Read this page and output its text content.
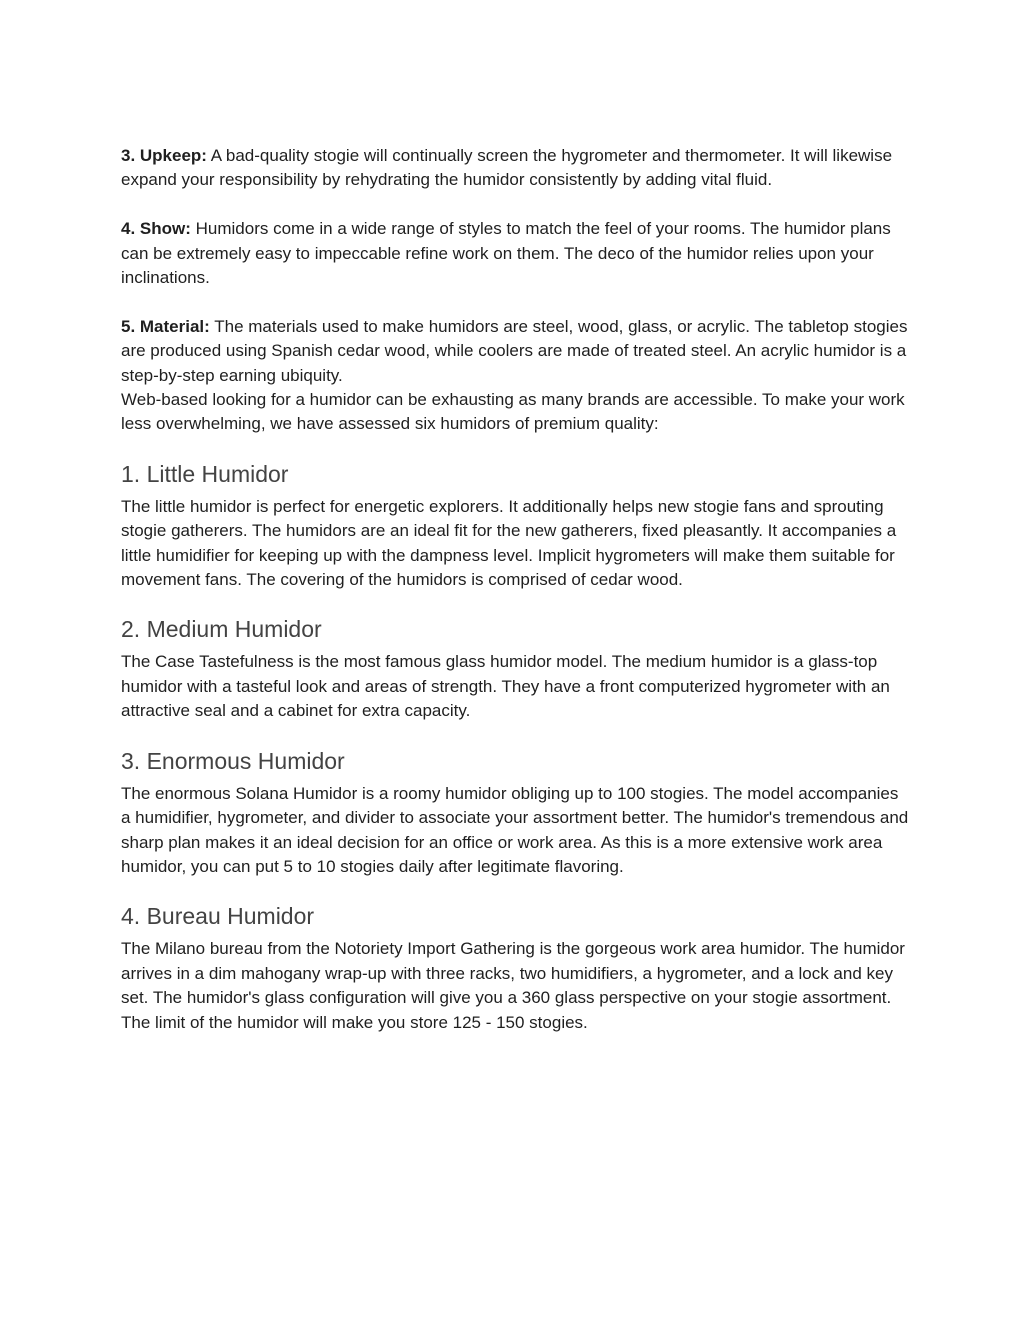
3. Upkeep: A bad-quality stogie will continually screen the hygrometer and thermometer. It will likewise expand your responsibility by rehydrating the humidor consistently by adding vital fluid.

4. Show: Humidors come in a wide range of styles to match the feel of your rooms. The humidor plans can be extremely easy to impeccable refine work on them. The deco of the humidor relies upon your inclinations.

5. Material: The materials used to make humidors are steel, wood, glass, or acrylic. The tabletop stogies are produced using Spanish cedar wood, while coolers are made of treated steel. An acrylic humidor is a step-by-step earning ubiquity.

Web-based looking for a humidor can be exhausting as many brands are accessible. To make your work less overwhelming, we have assessed six humidors of premium quality:

1. Little Humidor

The little humidor is perfect for energetic explorers. It additionally helps new stogie fans and sprouting stogie gatherers. The humidors are an ideal fit for the new gatherers, fixed pleasantly. It accompanies a little humidifier for keeping up with the dampness level. Implicit hygrometers will make them suitable for movement fans. The covering of the humidors is comprised of cedar wood.

2. Medium Humidor

The Case Tastefulness is the most famous glass humidor model. The medium humidor is a glass-top humidor with a tasteful look and areas of strength. They have a front computerized hygrometer with an attractive seal and a cabinet for extra capacity.

3. Enormous Humidor

The enormous Solana Humidor is a roomy humidor obliging up to 100 stogies. The model accompanies a humidifier, hygrometer, and divider to associate your assortment better. The humidor's tremendous and sharp plan makes it an ideal decision for an office or work area. As this is a more extensive work area humidor, you can put 5 to 10 stogies daily after legitimate flavoring.

4. Bureau Humidor

The Milano bureau from the Notoriety Import Gathering is the gorgeous work area humidor. The humidor arrives in a dim mahogany wrap-up with three racks, two humidifiers, a hygrometer, and a lock and key set. The humidor's glass configuration will give you a 360 glass perspective on your stogie assortment. The limit of the humidor will make you store 125 - 150 stogies.
